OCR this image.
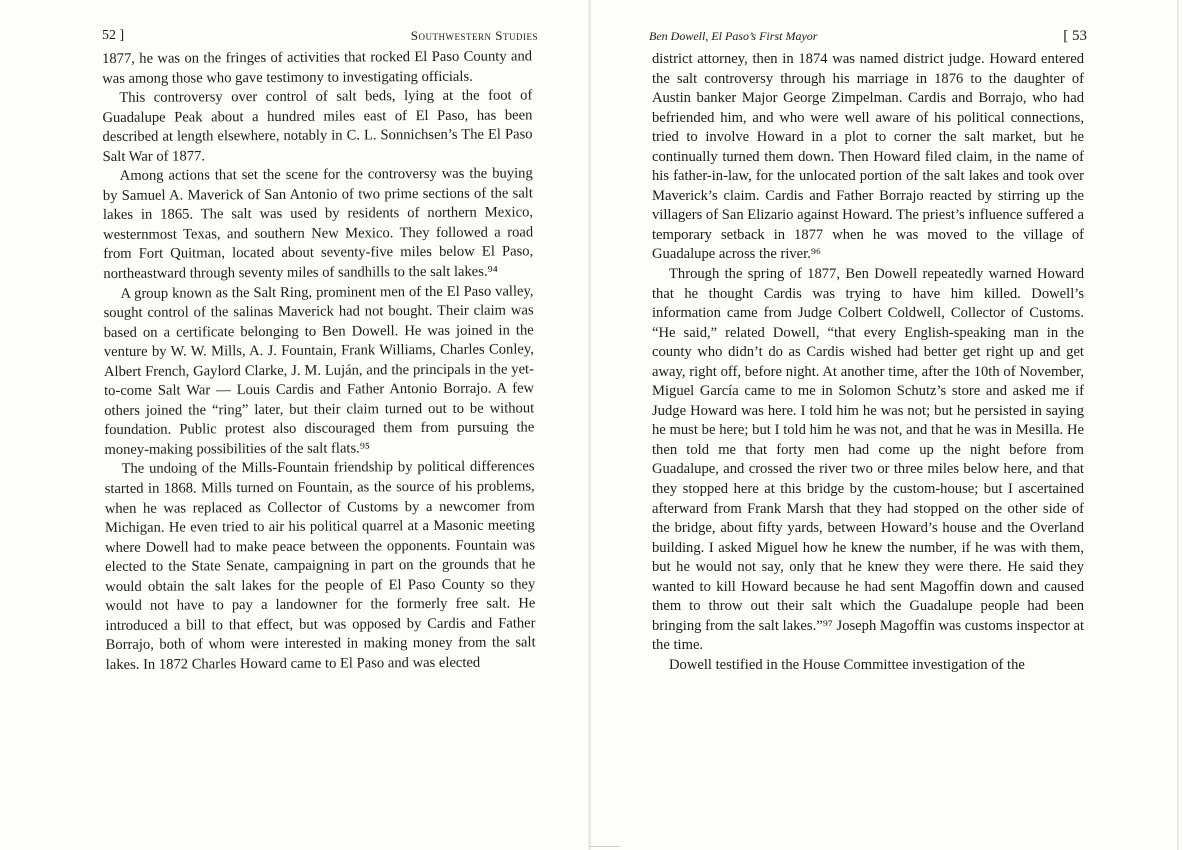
52 ]	Southwestern Studies

1877, he was on the fringes of activities that rocked El Paso County and was among those who gave testimony to investigating officials.

This controversy over control of salt beds, lying at the foot of Guadalupe Peak about a hundred miles east of El Paso, has been described at length elsewhere, notably in C. L. Sonnichsen’s The El Paso Salt War of 1877.

Among actions that set the scene for the controversy was the buying by Samuel A. Maverick of San Antonio of two prime sections of the salt lakes in 1865. The salt was used by residents of northern Mexico, westernmost Texas, and southern New Mexico. They followed a road from Fort Quitman, located about seventy-five miles below El Paso, northeastward through seventy miles of sandhills to the salt lakes.⁹⁴

A group known as the Salt Ring, prominent men of the El Paso valley, sought control of the salinas Maverick had not bought. Their claim was based on a certificate belonging to Ben Dowell. He was joined in the venture by W. W. Mills, A. J. Fountain, Frank Williams, Charles Conley, Albert French, Gaylord Clarke, J. M. Luján, and the principals in the yet-to-come Salt War — Louis Cardis and Father Antonio Borrajo. A few others joined the “ring” later, but their claim turned out to be without foundation. Public protest also discouraged them from pursuing the money-making possibilities of the salt flats.⁹⁵

The undoing of the Mills-Fountain friendship by political differences started in 1868. Mills turned on Fountain, as the source of his problems, when he was replaced as Collector of Customs by a newcomer from Michigan. He even tried to air his political quarrel at a Masonic meeting where Dowell had to make peace between the opponents. Fountain was elected to the State Senate, campaigning in part on the grounds that he would obtain the salt lakes for the people of El Paso County so they would not have to pay a landowner for the formerly free salt. He introduced a bill to that effect, but was opposed by Cardis and Father Borrajo, both of whom were interested in making money from the salt lakes. In 1872 Charles Howard came to El Paso and was elected

Ben Dowell, El Paso’s First Mayor	[ 53

district attorney, then in 1874 was named district judge. Howard entered the salt controversy through his marriage in 1876 to the daughter of Austin banker Major George Zimpelman. Cardis and Borrajo, who had befriended him, and who were well aware of his political connections, tried to involve Howard in a plot to corner the salt market, but he continually turned them down. Then Howard filed claim, in the name of his father-in-law, for the unlocated portion of the salt lakes and took over Maverick’s claim. Cardis and Father Borrajo reacted by stirring up the villagers of San Elizario against Howard. The priest’s influence suffered a temporary setback in 1877 when he was moved to the village of Guadalupe across the river.⁹⁶

Through the spring of 1877, Ben Dowell repeatedly warned Howard that he thought Cardis was trying to have him killed. Dowell’s information came from Judge Colbert Coldwell, Collector of Customs. “He said,” related Dowell, “that every English-speaking man in the county who didn’t do as Cardis wished had better get right up and get away, right off, before night. At another time, after the 10th of November, Miguel García came to me in Solomon Schutz’s store and asked me if Judge Howard was here. I told him he was not; but he persisted in saying he must be here; but I told him he was not, and that he was in Mesilla. He then told me that forty men had come up the night before from Guadalupe, and crossed the river two or three miles below here, and that they stopped here at this bridge by the custom-house; but I ascertained afterward from Frank Marsh that they had stopped on the other side of the bridge, about fifty yards, between Howard’s house and the Overland building. I asked Miguel how he knew the number, if he was with them, but he would not say, only that he knew they were there. He said they wanted to kill Howard because he had sent Magoffin down and caused them to throw out their salt which the Guadalupe people had been bringing from the salt lakes.”⁹⁷ Joseph Magoffin was customs inspector at the time.

Dowell testified in the House Committee investigation of the
